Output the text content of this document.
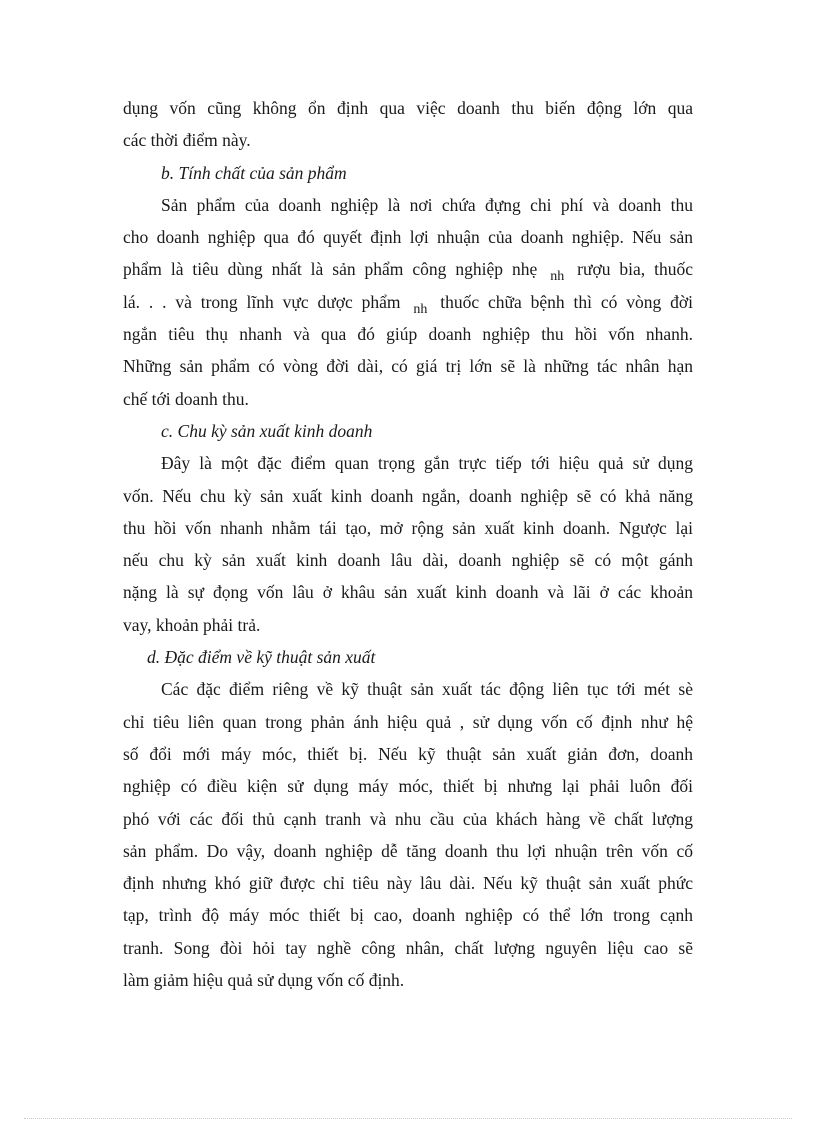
dụng vốn cũng không ổn định qua việc doanh thu biến động lớn qua
các thời điểm này.
b. Tính chất của sản phẩm
Sản phẩm của doanh nghiệp là nơi chứa đựng chi phí và doanh thu
cho doanh nghiệp qua đó quyết định lợi nhuận của doanh nghiệp. Nếu sản
phẩm là tiêu dùng nhất là sản phẩm công nghiệp nhẹ $_{nh}$ rượu bia, thuốc
lá. . . và trong lĩnh vực dược phẩm $_{nh}$ thuốc chữa bệnh thì có vòng đời
ngắn tiêu thụ nhanh và qua đó giúp doanh nghiệp thu hồi vốn nhanh.
Những sản phẩm có vòng đời dài, có giá trị lớn sẽ là những tác nhân hạn
chế tới doanh thu.
c. Chu kỳ sản xuất kinh doanh
Đây là một đặc điểm quan trọng gắn trực tiếp tới hiệu quả sử dụng
vốn. Nếu chu kỳ sản xuất kinh doanh ngắn, doanh nghiệp sẽ có khả năng
thu hồi vốn nhanh nhằm tái tạo, mở rộng sản xuất kinh doanh. Ngược lại
nếu chu kỳ sản xuất kinh doanh lâu dài, doanh nghiệp sẽ có một gánh
nặng là sự đọng vốn lâu ở khâu sản xuất kinh doanh và lãi ở các khoản
vay, khoản phải trả.
d. Đặc điểm về kỹ thuật sản xuất
Các đặc điểm riêng về kỹ thuật sản xuất tác động liên tục tới mét sè
chỉ tiêu liên quan trong phản ánh hiệu quả , sử dụng vốn cố định như hệ
số đổi mới máy móc, thiết bị. Nếu kỹ thuật sản xuất giản đơn, doanh
nghiệp có điều kiện sử dụng máy móc, thiết bị nhưng lại phải luôn đối
phó với các đối thủ cạnh tranh và nhu cầu của khách hàng về chất lượng
sản phẩm. Do vậy, doanh nghiệp dễ tăng doanh thu lợi nhuận trên vốn cố
định nhưng khó giữ được chỉ tiêu này lâu dài. Nếu kỹ thuật sản xuất phức
tạp, trình độ máy móc thiết bị cao, doanh nghiệp có thể lớn trong cạnh
tranh. Song đòi hỏi tay nghề công nhân, chất lượng nguyên liệu cao sẽ
làm giảm hiệu quả sử dụng vốn cố định.
